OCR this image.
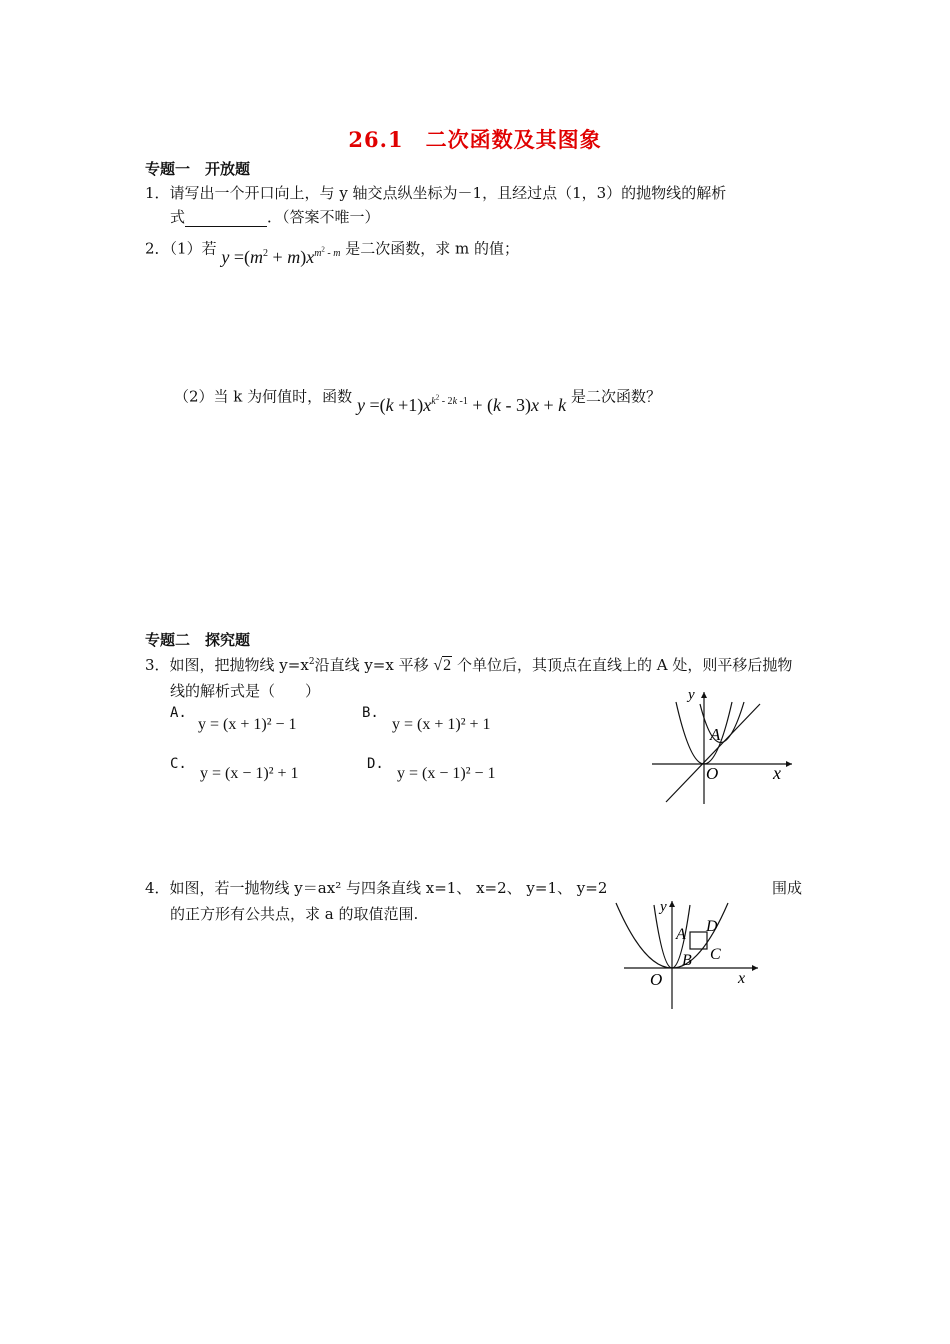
26.1　二次函数及其图象
专题一　开放题
1．请写出一个开口向上，与 y 轴交点纵坐标为－1，且经过点（1，3）的抛物线的解析
式	．（答案不唯一）
2．（1）若 $y =(m^2 + m)x^{m^2 - m}$ 是二次函数，求 m 的值；
（2）当 k 为何值时，函数 $y =(k +1)x^{k^2 - 2k -1} + (k - 3)x + k$ 是二次函数？
专题二　探究题
3．如图，把抛物线 $y=x^2$沿直线 y=x 平移 √2 个单位后，其顶点在直线上的 A 处，则平移后抛物
线的解析式是（　　）
A.
y = (x + 1)² − 1
B.
y = (x + 1)² + 1
C.
y = (x − 1)² + 1
D.
y = (x − 1)² − 1
y
x
O
A
4．如图，若一抛物线 y＝ax² 与四条直线 x=1、 x=2、 y=1、 y=2	围成
的正方形有公共点，求 a 的取值范围.	y
x
O
A
B C
D
